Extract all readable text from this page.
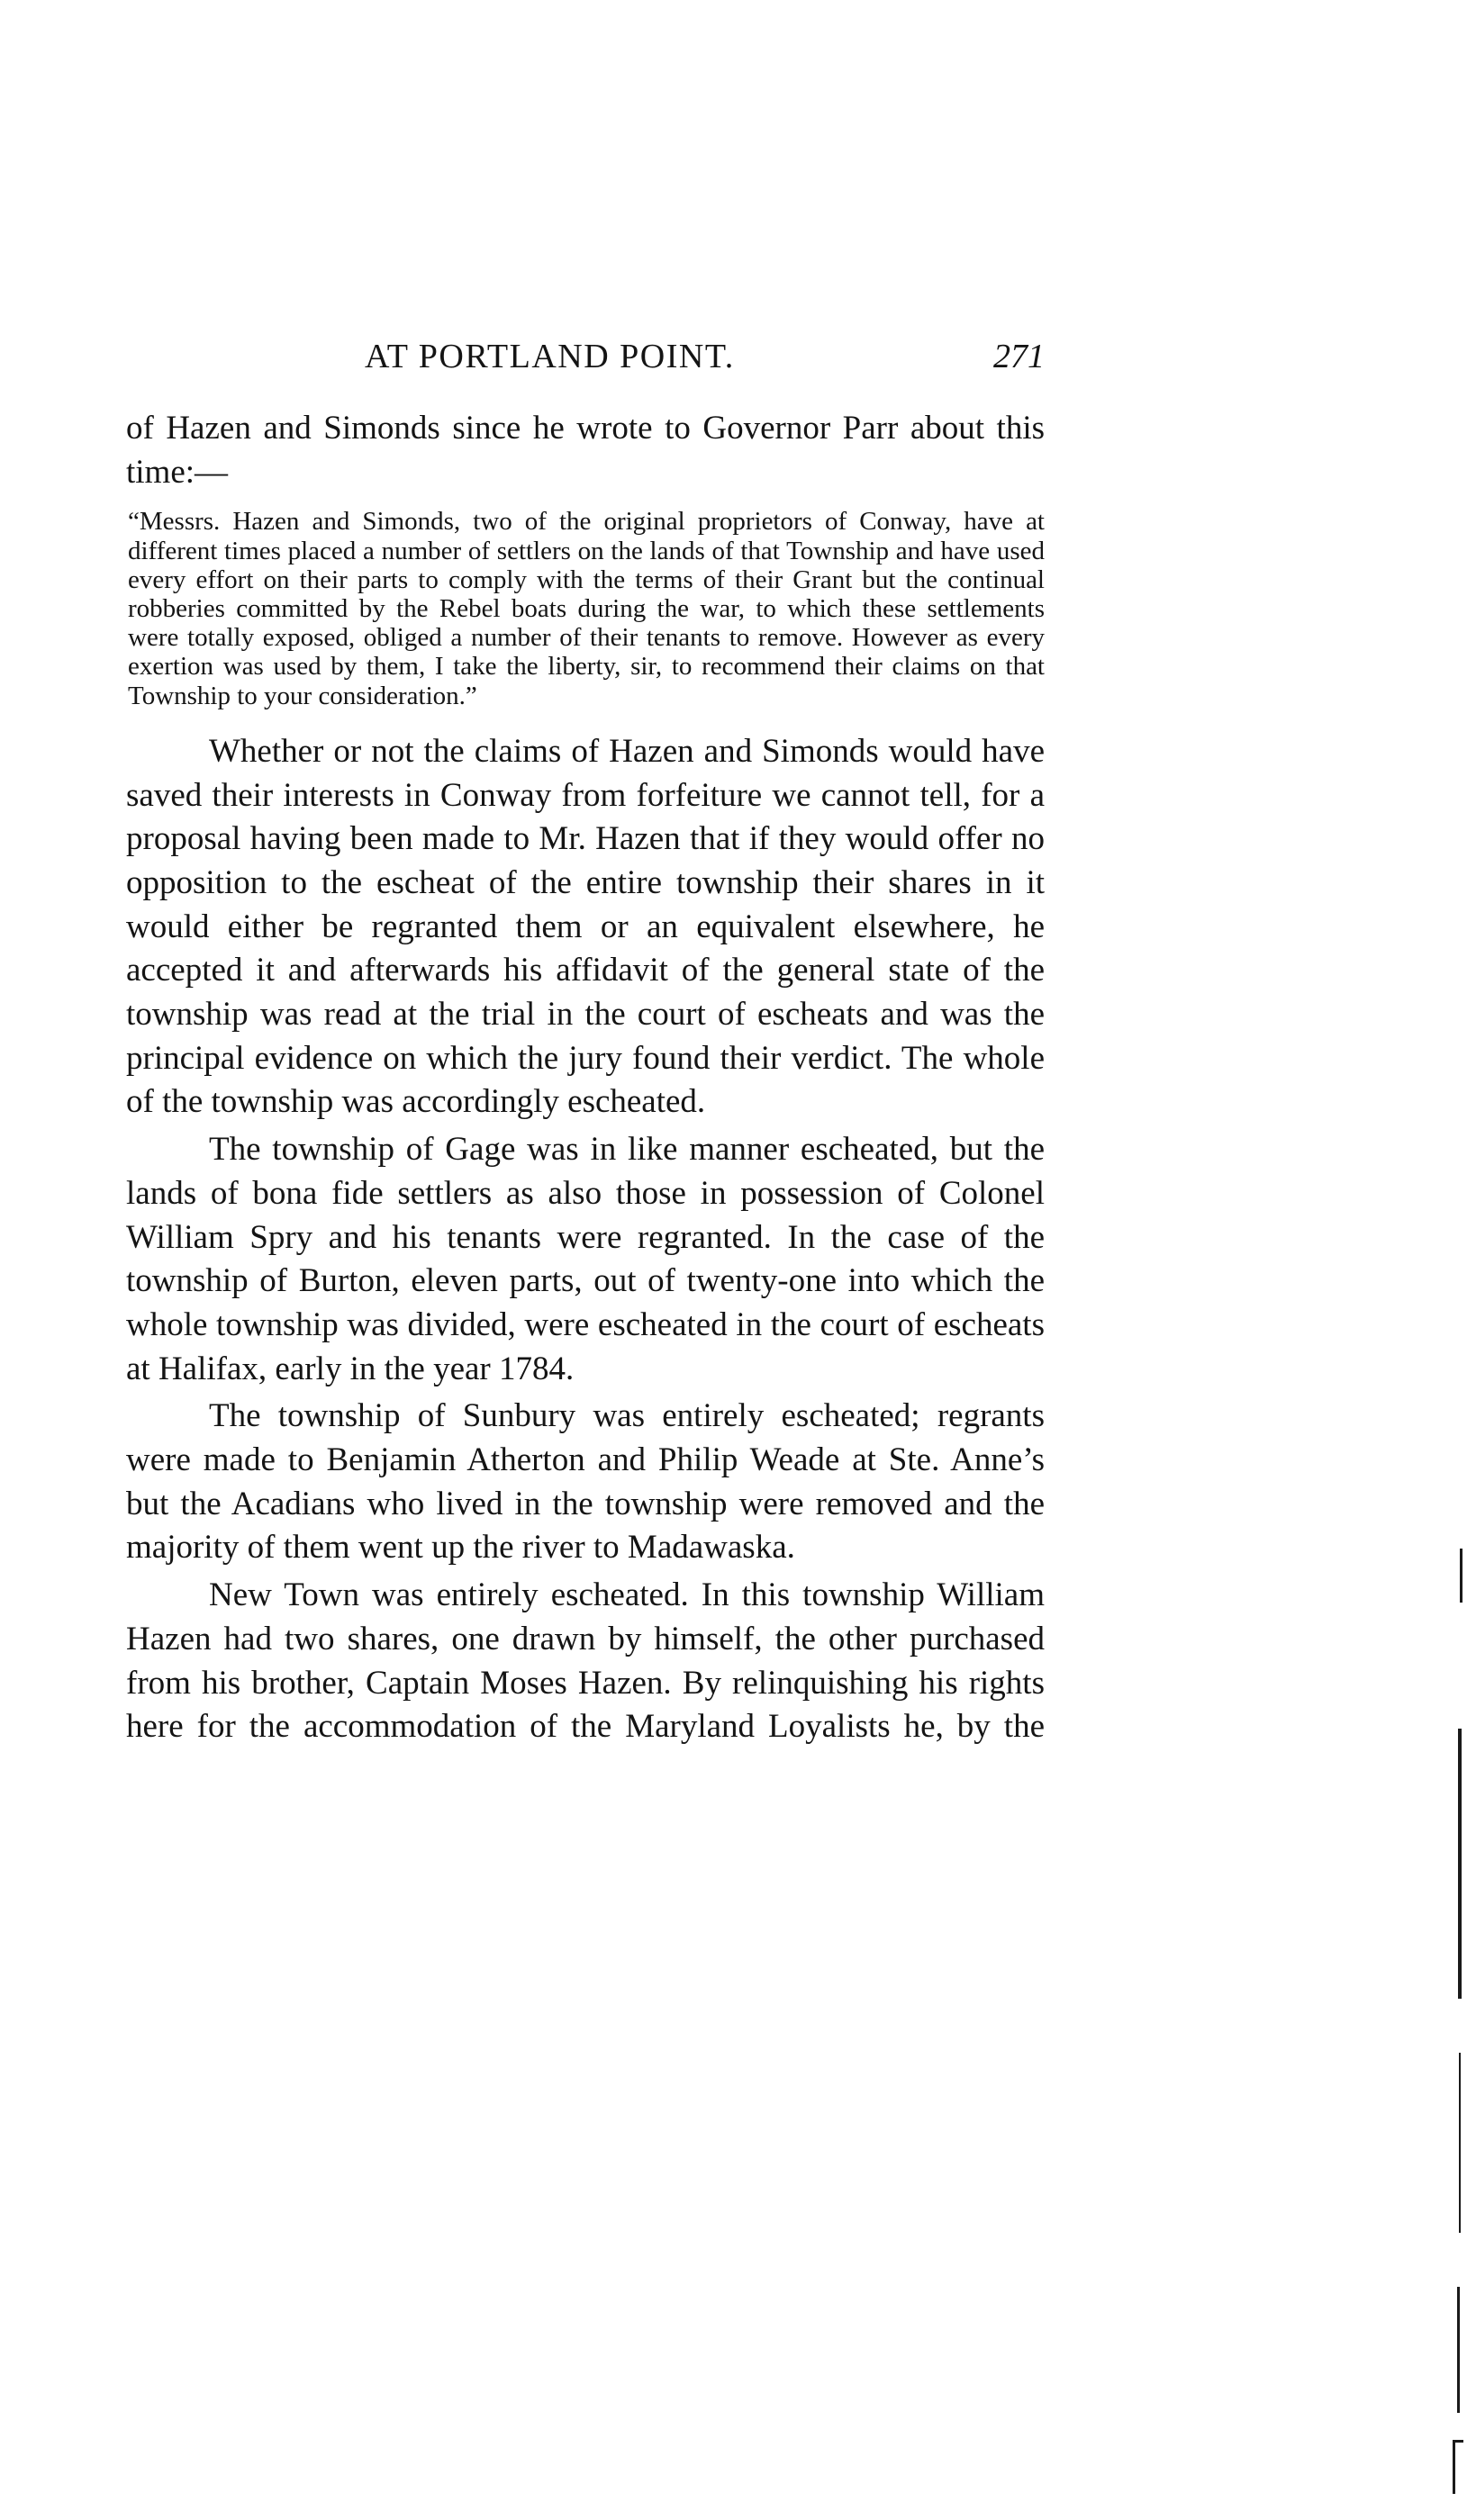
AT PORTLAND POINT.	271

of Hazen and Simonds since he wrote to Governor Parr about this time:—

“Messrs. Hazen and Simonds, two of the original proprietors of Conway, have at different times placed a number of settlers on the lands of that Township and have used every effort on their parts to comply with the terms of their Grant but the continual robberies committed by the Rebel boats during the war, to which these settlements were totally exposed, obliged a number of their tenants to remove. However as every exertion was used by them, I take the liberty, sir, to recommend their claims on that Township to your consideration.”

Whether or not the claims of Hazen and Simonds would have saved their interests in Conway from forfeiture we cannot tell, for a proposal having been made to Mr. Hazen that if they would offer no opposition to the escheat of the entire township their shares in it would either be regranted them or an equivalent elsewhere, he accepted it and afterwards his affidavit of the general state of the township was read at the trial in the court of escheats and was the principal evidence on which the jury found their verdict. The whole of the township was accordingly escheated.

The township of Gage was in like manner escheated, but the lands of bona fide settlers as also those in possession of Colonel William Spry and his tenants were regranted. In the case of the township of Burton, eleven parts, out of twenty-one into which the whole township was divided, were escheated in the court of escheats at Halifax, early in the year 1784.

The township of Sunbury was entirely escheated; regrants were made to Benjamin Atherton and Philip Weade at Ste. Anne’s but the Acadians who lived in the township were removed and the majority of them went up the river to Madawaska.

New Town was entirely escheated. In this township William Hazen had two shares, one drawn by himself, the other purchased from his brother, Captain Moses Hazen. By relinquishing his rights here for the accommodation of the Maryland Loyalists he, by the
